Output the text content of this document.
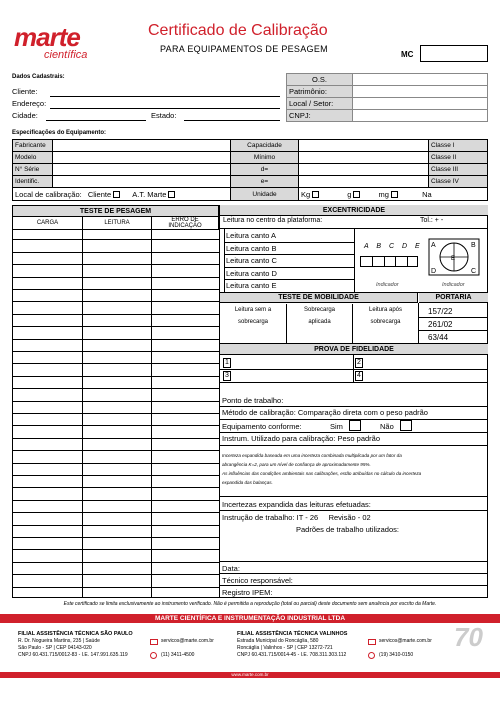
marte
científica
Certificado de Calibração
PARA EQUIPAMENTOS DE PESAGEM
MC
Dados Cadastrais:
Cliente:
Endereço:
Cidade:	Estado:
O.S.	
Patrimônio:	
Local / Setor:	
CNPJ:	
Especificações do Equipamento:
Fabricante		Capacidade		Classe I
Modelo		Mínimo		Classe II
N° Série		d=		Classe III
Identific.		e=		Classe IV
Local de calibração: Cliente A.T. Marte		Unidade	Kg g mg Na	
TESTE DE PESAGEM
CARGA	LEITURA	ERRO DE INDICAÇÃO
EXCENTRICIDADE
Leitura no centro da plataforma:	Tol.: + -
Leitura canto A
Leitura canto B
Leitura canto C
Leitura canto D
Leitura canto E
A B C D E
Indicador
A	B
D	C
E
Indicador
TESTE DE MOBILIDADE	PORTARIA
Leitura sem a
sobrecarga
Sobrecarga
aplicada
Leitura após
sobrecarga
157/22
261/02
63/44
PROVA DE FIDELIDADE
1	2
3	4
Ponto de trabalho:
Método de calibração: Comparação direta com o peso padrão
Equipamento conforme:	Sim	Não
Instrum. Utilizado para calibração: Peso padrão
Incerteza expandida baseada em uma incerteza combinada multiplicada por um fator da
abrangência K=2, para um nível de confiança de aproximadamente 95%.
As influências das condições ambientais nas calibrações, estão atribuídas no cálculo da incerteza
expandida das balanças.
Incertezas expandida das leituras efetuadas:
Instrução de trabalho: IT - 26     Revisão - 02
Padrões de trabalho utilizados:
Data:
Técnico responsável:
Registro IPEM:
Este certificado se limita exclusivamente ao instrumento verificado. Não é permitida a reprodução (total ou parcial) deste documento sem anuência por escrito da Marte.
MARTE CIENTÍFICA E INSTRUMENTAÇÃO INDUSTRIAL LTDA
FILIAL ASSISTÊNCIA TÉCNICA SÃO PAULO
R. Dr. Nogueira Martins, 235 | Saúde
São Paulo - SP | CEP 04143-020
CNPJ 60.431.715/0012-83 - I.E. 147.991.635.119
servicos@marte.com.br
(11) 3411-4500
FILIAL ASSISTÊNCIA TÉCNICA VALINHOS
Estrada Municipal do Roncáglia, 580
Roncáglia | Valinhos - SP | CEP 13272-721
CNPJ 60.431.715/0014-45 - I.E. 708.311.303.112
servicos@marte.com.br
(19) 3410-0150
70
www.marte.com.br
